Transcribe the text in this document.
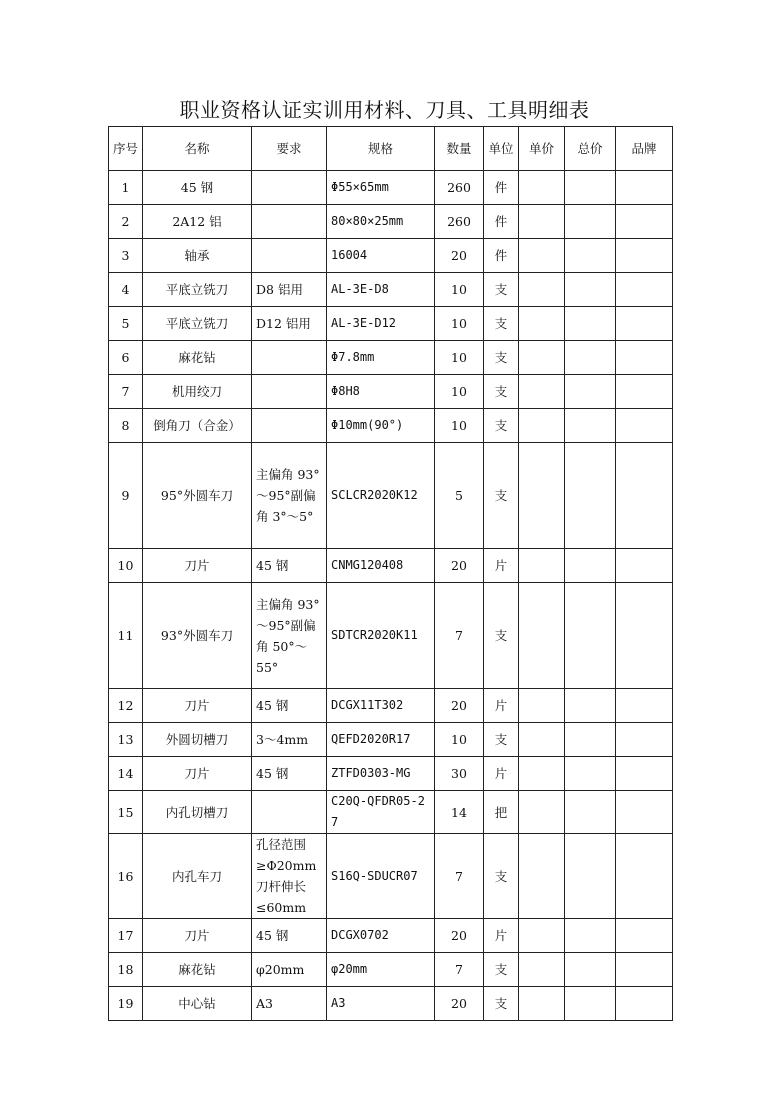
职业资格认证实训用材料、刀具、工具明细表
序号	名称	要求	规格	数量	单位	单价	总价	品牌
1	45 钢		Φ55×65mm	260	件			
2	2A12 铝		80×80×25mm	260	件			
3	轴承		16004	20	件			
4	平底立铣刀	D8 铝用	AL-3E-D8	10	支			
5	平底立铣刀	D12 铝用	AL-3E-D12	10	支			
6	麻花钻		Φ7.8mm	10	支			
7	机用绞刀		Φ8H8	10	支			
8	倒角刀（合金）		Φ10mm(90°)	10	支			
9	95°外圆车刀	主偏角 93°～95°副偏角 3°～5°	SCLCR2020K12	5	支			
10	刀片	45 钢	CNMG120408	20	片			
11	93°外圆车刀	主偏角 93°～95°副偏角 50°～55°	SDTCR2020K11	7	支			
12	刀片	45 钢	DCGX11T302	20	片			
13	外圆切槽刀	3～4mm	QEFD2020R17	10	支			
14	刀片	45 钢	ZTFD0303-MG	30	片			
15	内孔切槽刀		C20Q-QFDR05-27	14	把			
16	内孔车刀	孔径范围≥Φ20mm 刀杆伸长≤60mm	S16Q-SDUCR07	7	支			
17	刀片	45 钢	DCGX0702	20	片			
18	麻花钻	φ20mm	φ20mm	7	支			
19	中心钻	A3	A3	20	支			
